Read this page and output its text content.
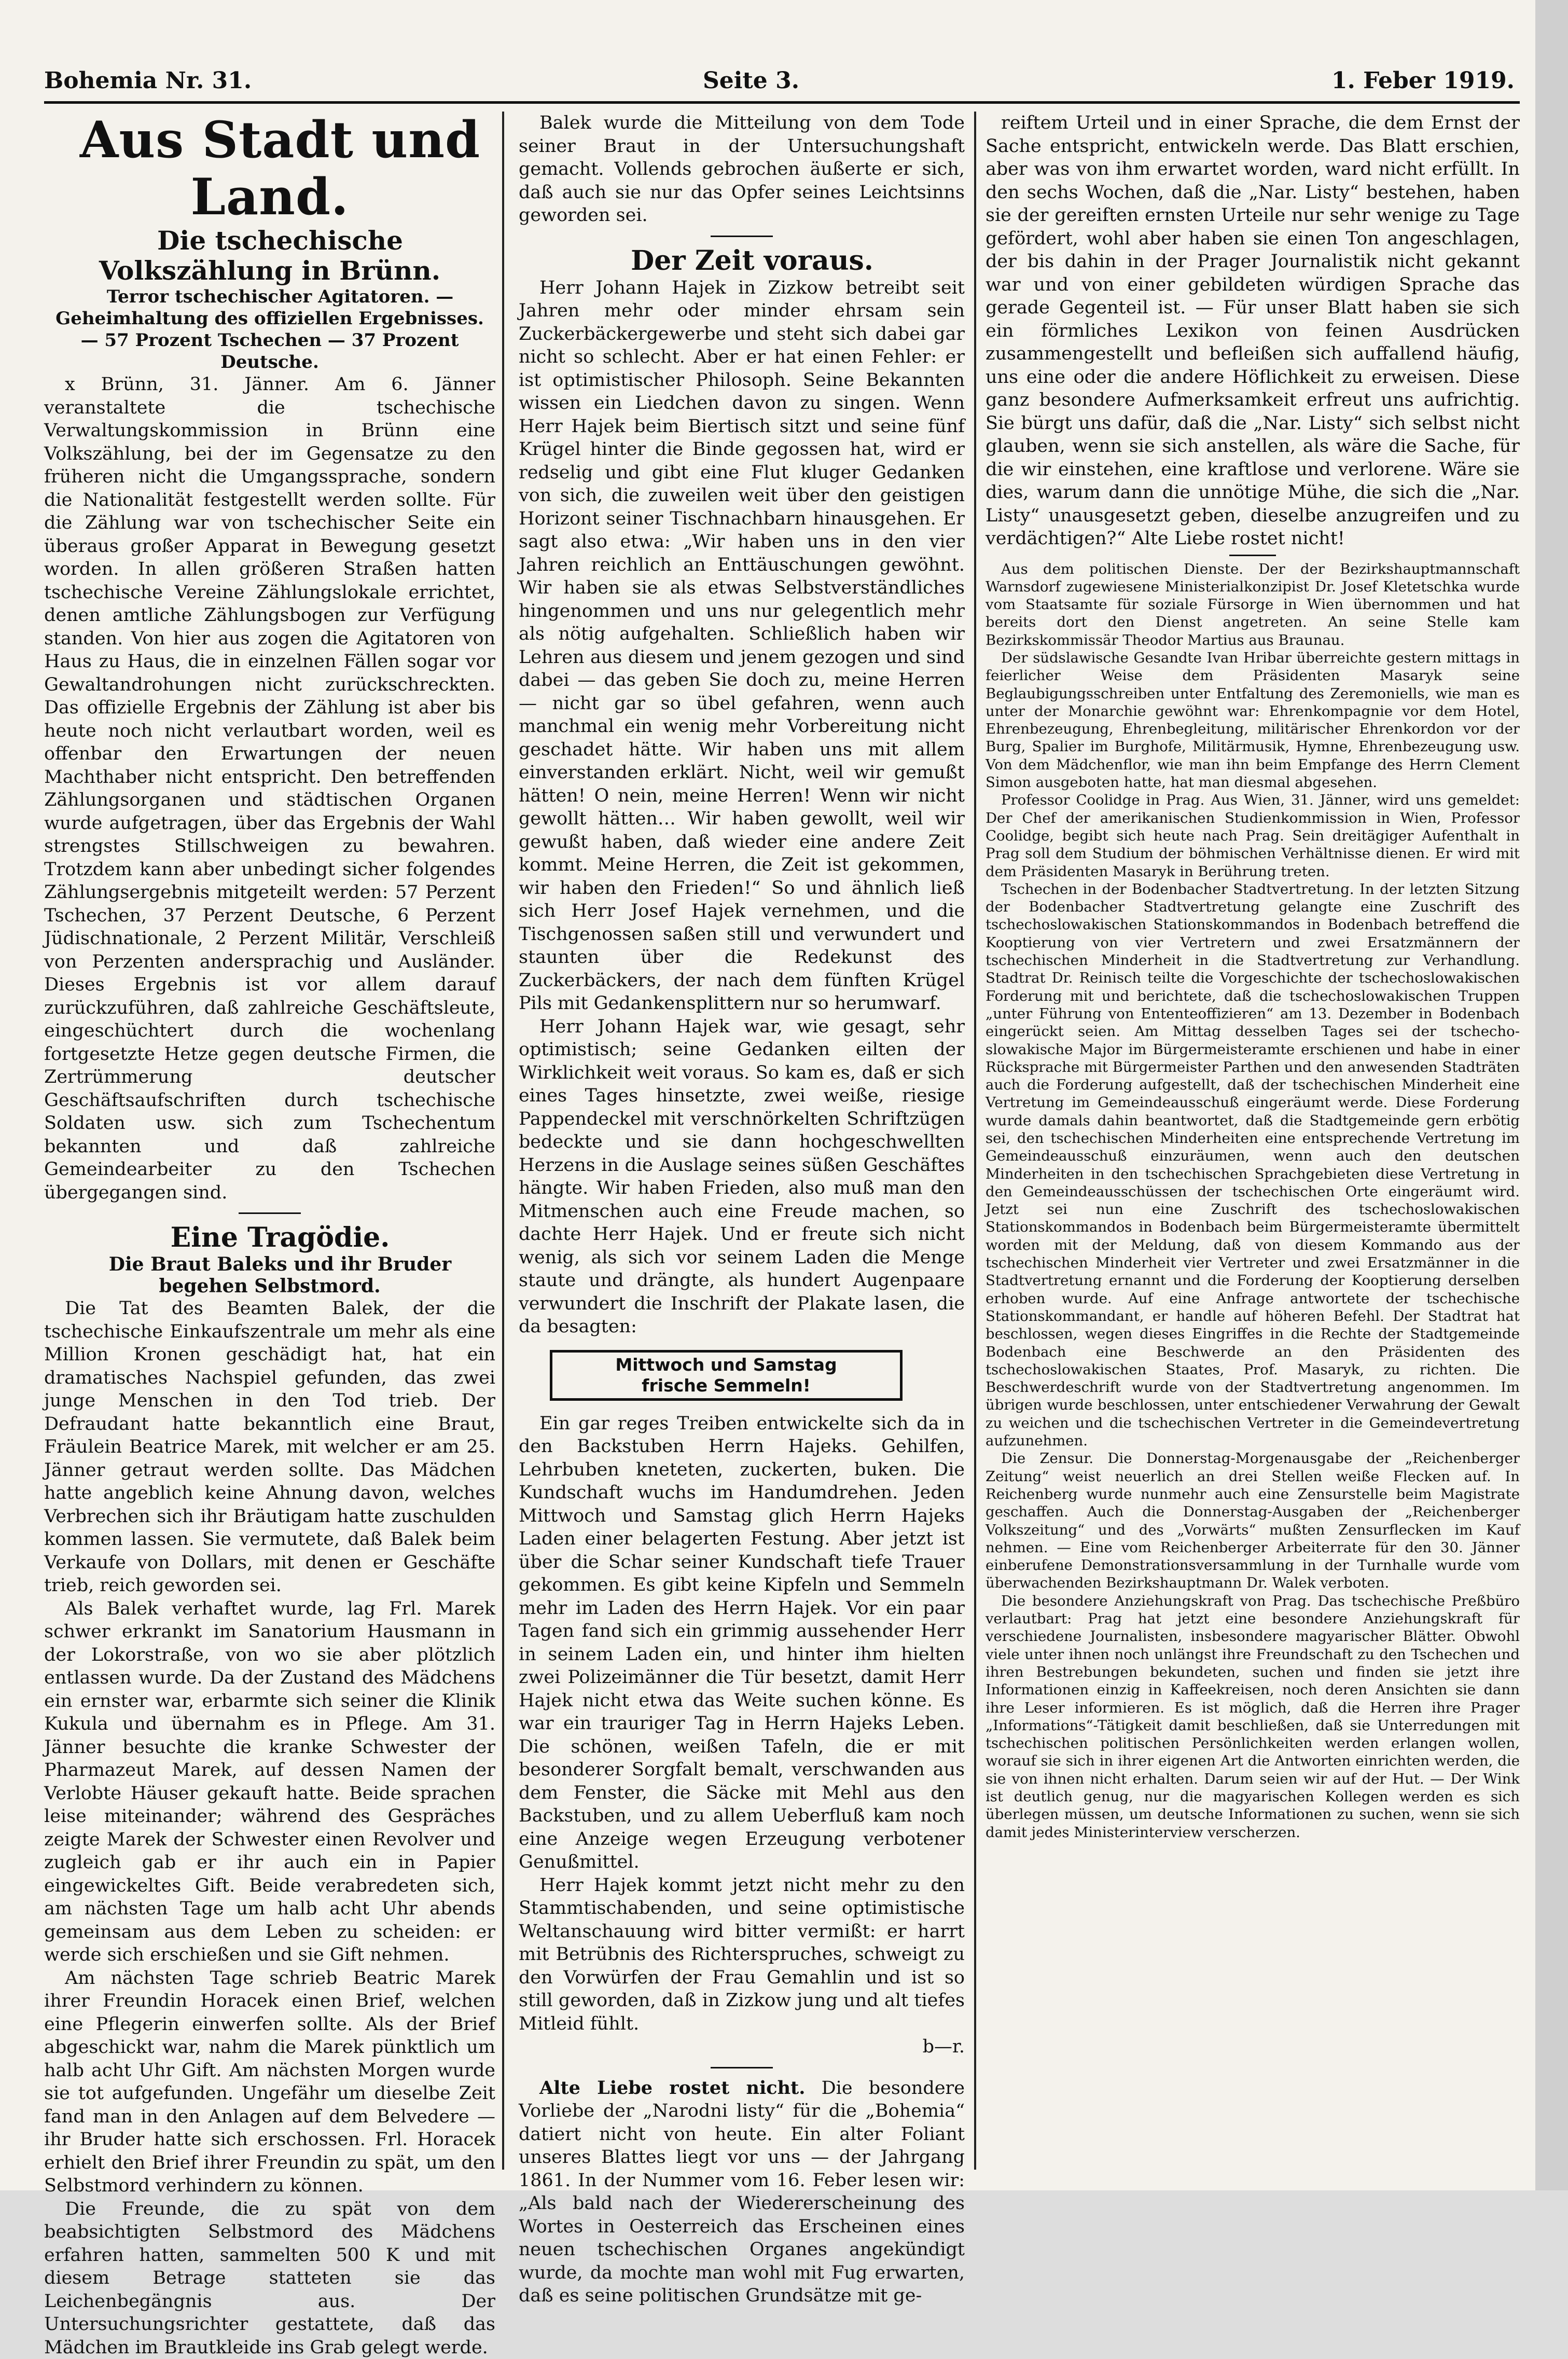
Bohemia Nr. 31.	Seite 3.	1. Feber 1919.

Aus Stadt und Land.

Die tschechische Volkszählung in Brünn.

Terror tschechischer Agitatoren. — Geheimhaltung des offiziellen Ergebnisses. — 57 Prozent Tschechen — 37 Prozent Deutsche.

x Brünn, 31. Jänner. Am 6. Jänner veranstaltete die tschechische Verwaltungskommission in Brünn eine Volkszählung, bei der im Gegensatze zu den früheren nicht die Umgangssprache, sondern die Nationalität festgestellt werden sollte. Für die Zählung war von tschechischer Seite ein überaus großer Apparat in Bewegung gesetzt worden. In allen größeren Straßen hatten tschechische Vereine Zählungslokale errichtet, denen amtliche Zählungsbogen zur Verfügung standen. Von hier aus zogen die Agitatoren von Haus zu Haus, die in einzelnen Fällen sogar vor Gewaltandrohungen nicht zurückschreckten. Das offizielle Ergebnis der Zählung ist aber bis heute noch nicht verlautbart worden, weil es offenbar den Erwartungen der neuen Machthaber nicht entspricht. Den betreffenden Zählungsorganen und städtischen Organen wurde aufgetragen, über das Ergebnis der Wahl strengstes Stillschweigen zu bewahren. Trotzdem kann aber unbedingt sicher folgendes Zählungsergebnis mitgeteilt werden: 57 Perzent Tschechen, 37 Perzent Deutsche, 6 Perzent Jüdischnationale, 2 Perzent Militär, Verschleiß von Perzenten andersprachig und Ausländer. Dieses Ergebnis ist vor allem darauf zurückzuführen, daß zahlreiche Geschäftsleute, eingeschüchtert durch die wochenlang fortgesetzte Hetze gegen deutsche Firmen, die Zertrümmerung deutscher Geschäftsaufschriften durch tschechische Soldaten usw. sich zum Tschechentum bekannten und daß zahlreiche Gemeindearbeiter zu den Tschechen übergegangen sind.

Eine Tragödie.

Die Braut Baleks und ihr Bruder begehen Selbstmord.

Die Tat des Beamten Balek, der die tschechische Einkaufszentrale um mehr als eine Million Kronen geschädigt hat, hat ein dramatisches Nachspiel gefunden, das zwei junge Menschen in den Tod trieb. Der Defraudant hatte bekanntlich eine Braut, Fräulein Beatrice Marek, mit welcher er am 25. Jänner getraut werden sollte. Das Mädchen hatte angeblich keine Ahnung davon, welches Verbrechen sich ihr Bräutigam hatte zuschulden kommen lassen. Sie vermutete, daß Balek beim Verkaufe von Dollars, mit denen er Geschäfte trieb, reich geworden sei.

Als Balek verhaftet wurde, lag Frl. Marek schwer erkrankt im Sanatorium Hausmann in der Lokorstraße, von wo sie aber plötzlich entlassen wurde. Da der Zustand des Mädchens ein ernster war, erbarmte sich seiner die Klinik Kukula und übernahm es in Pflege. Am 31. Jänner besuchte die kranke Schwester der Pharmazeut Marek, auf dessen Namen der Verlobte Häuser gekauft hatte. Beide sprachen leise miteinander; während des Gespräches zeigte Marek der Schwester einen Revolver und zugleich gab er ihr auch ein in Papier eingewickeltes Gift. Beide verabredeten sich, am nächsten Tage um halb acht Uhr abends gemeinsam aus dem Leben zu scheiden: er werde sich erschießen und sie Gift nehmen.

Am nächsten Tage schrieb Beatric Marek ihrer Freundin Horacek einen Brief, welchen eine Pflegerin einwerfen sollte. Als der Brief abgeschickt war, nahm die Marek pünktlich um halb acht Uhr Gift. Am nächsten Morgen wurde sie tot aufgefunden. Ungefähr um dieselbe Zeit fand man in den Anlagen auf dem Belvedere — ihr Bruder hatte sich erschossen. Frl. Horacek erhielt den Brief ihrer Freundin zu spät, um den Selbstmord verhindern zu können.

Die Freunde, die zu spät von dem beabsichtigten Selbstmord des Mädchens erfahren hatten, sammelten 500 K und mit diesem Betrage statteten sie das Leichenbegängnis aus. Der Untersuchungsrichter gestattete, daß das Mädchen im Brautkleide ins Grab gelegt werde.

Balek wurde die Mitteilung von dem Tode seiner Braut in der Untersuchungshaft gemacht. Vollends gebrochen äußerte er sich, daß auch sie nur das Opfer seines Leichtsinns geworden sei.

Der Zeit voraus.

Herr Johann Hajek in Zizkow betreibt seit Jahren mehr oder minder ehrsam sein Zuckerbäckergewerbe und steht sich dabei gar nicht so schlecht. Aber er hat einen Fehler: er ist optimistischer Philosoph. Seine Bekannten wissen ein Liedchen davon zu singen. Wenn Herr Hajek beim Biertisch sitzt und seine fünf Krügel hinter die Binde gegossen hat, wird er redselig und gibt eine Flut kluger Gedanken von sich, die zuweilen weit über den geistigen Horizont seiner Tischnachbarn hinausgehen. Er sagt also etwa: „Wir haben uns in den vier Jahren reichlich an Enttäuschungen gewöhnt. Wir haben sie als etwas Selbstverständliches hingenommen und uns nur gelegentlich mehr als nötig aufgehalten. Schließlich haben wir Lehren aus diesem und jenem gezogen und sind dabei — das geben Sie doch zu, meine Herren — nicht gar so übel gefahren, wenn auch manchmal ein wenig mehr Vorbereitung nicht geschadet hätte. Wir haben uns mit allem einverstanden erklärt. Nicht, weil wir gemußt hätten! O nein, meine Herren! Wenn wir nicht gewollt hätten… Wir haben gewollt, weil wir gewußt haben, daß wieder eine andere Zeit kommt. Meine Herren, die Zeit ist gekommen, wir haben den Frieden!“ So und ähnlich ließ sich Herr Josef Hajek vernehmen, und die Tischgenossen saßen still und verwundert und staunten über die Redekunst des Zuckerbäckers, der nach dem fünften Krügel Pils mit Gedankensplittern nur so herumwarf.

Herr Johann Hajek war, wie gesagt, sehr optimistisch; seine Gedanken eilten der Wirklichkeit weit voraus. So kam es, daß er sich eines Tages hinsetzte, zwei weiße, riesige Pappendeckel mit verschnörkelten Schriftzügen bedeckte und sie dann hochgeschwellten Herzens in die Auslage seines süßen Geschäftes hängte. Wir haben Frieden, also muß man den Mitmenschen auch eine Freude machen, so dachte Herr Hajek. Und er freute sich nicht wenig, als sich vor seinem Laden die Menge staute und drängte, als hundert Augenpaare verwundert die Inschrift der Plakate lasen, die da besagten:

Mittwoch und Samstag
frische Semmeln!

Ein gar reges Treiben entwickelte sich da in den Backstuben Herrn Hajeks. Gehilfen, Lehrbuben kneteten, zuckerten, buken. Die Kundschaft wuchs im Handumdrehen. Jeden Mittwoch und Samstag glich Herrn Hajeks Laden einer belagerten Festung. Aber jetzt ist über die Schar seiner Kundschaft tiefe Trauer gekommen. Es gibt keine Kipfeln und Semmeln mehr im Laden des Herrn Hajek. Vor ein paar Tagen fand sich ein grimmig aussehender Herr in seinem Laden ein, und hinter ihm hielten zwei Polizeimänner die Tür besetzt, damit Herr Hajek nicht etwa das Weite suchen könne. Es war ein trauriger Tag in Herrn Hajeks Leben. Die schönen, weißen Tafeln, die er mit besonderer Sorgfalt bemalt, verschwanden aus dem Fenster, die Säcke mit Mehl aus den Backstuben, und zu allem Ueberfluß kam noch eine Anzeige wegen Erzeugung verbotener Genußmittel.

Herr Hajek kommt jetzt nicht mehr zu den Stammtischabenden, und seine optimistische Weltanschauung wird bitter vermißt: er harrt mit Betrübnis des Richterspruches, schweigt zu den Vorwürfen der Frau Gemahlin und ist so still geworden, daß in Zizkow jung und alt tiefes Mitleid fühlt.

b—r.

Alte Liebe rostet nicht. Die besondere Vorliebe der „Narodni listy“ für die „Bohemia“ datiert nicht von heute. Ein alter Foliant unseres Blattes liegt vor uns — der Jahrgang 1861. In der Nummer vom 16. Feber lesen wir: „Als bald nach der Wiedererscheinung des Wortes in Oesterreich das Erscheinen eines neuen tschechischen Organes angekündigt wurde, da mochte man wohl mit Fug erwarten, daß es seine politischen Grundsätze mit ge-

reiftem Urteil und in einer Sprache, die dem Ernst der Sache entspricht, entwickeln werde. Das Blatt erschien, aber was von ihm erwartet worden, ward nicht erfüllt. In den sechs Wochen, daß die „Nar. Listy“ bestehen, haben sie der gereiften ernsten Urteile nur sehr wenige zu Tage gefördert, wohl aber haben sie einen Ton angeschlagen, der bis dahin in der Prager Journalistik nicht gekannt war und von einer gebildeten würdigen Sprache das gerade Gegenteil ist. — Für unser Blatt haben sie sich ein förmliches Lexikon von feinen Ausdrücken zusammengestellt und befleißen sich auffallend häufig, uns eine oder die andere Höflichkeit zu erweisen. Diese ganz besondere Aufmerksamkeit erfreut uns aufrichtig. Sie bürgt uns dafür, daß die „Nar. Listy“ sich selbst nicht glauben, wenn sie sich anstellen, als wäre die Sache, für die wir einstehen, eine kraftlose und verlorene. Wäre sie dies, warum dann die unnötige Mühe, die sich die „Nar. Listy“ unausgesetzt geben, dieselbe anzugreifen und zu verdächtigen?“ Alte Liebe rostet nicht!

Aus dem politischen Dienste. Der der Bezirkshauptmannschaft Warnsdorf zugewiesene Ministerialkonzipist Dr. Josef Kletetschka wurde vom Staatsamte für soziale Fürsorge in Wien übernommen und hat bereits dort den Dienst angetreten. An seine Stelle kam Bezirkskommissär Theodor Martius aus Braunau.

Der südslawische Gesandte Ivan Hribar überreichte gestern mittags in feierlicher Weise dem Präsidenten Masaryk seine Beglaubigungsschreiben unter Entfaltung des Zeremoniells, wie man es unter der Monarchie gewöhnt war: Ehrenkompagnie vor dem Hotel, Ehrenbezeugung, Ehrenbegleitung, militärischer Ehrenkordon vor der Burg, Spalier im Burghofe, Militärmusik, Hymne, Ehrenbezeugung usw. Von dem Mädchenflor, wie man ihn beim Empfange des Herrn Clement Simon ausgeboten hatte, hat man diesmal abgesehen.

Professor Coolidge in Prag. Aus Wien, 31. Jänner, wird uns gemeldet: Der Chef der amerikanischen Studienkommission in Wien, Professor Coolidge, begibt sich heute nach Prag. Sein dreitägiger Aufenthalt in Prag soll dem Studium der böhmischen Verhältnisse dienen. Er wird mit dem Präsidenten Masaryk in Berührung treten.

Tschechen in der Bodenbacher Stadtvertretung. In der letzten Sitzung der Bodenbacher Stadtvertretung gelangte eine Zuschrift des tschechoslowakischen Stationskommandos in Bodenbach betreffend die Kooptierung von vier Vertretern und zwei Ersatzmännern der tschechischen Minderheit in die Stadtvertretung zur Verhandlung. Stadtrat Dr. Reinisch teilte die Vorgeschichte der tschechoslowakischen Forderung mit und berichtete, daß die tschechoslowakischen Truppen „unter Führung von Ententeoffizieren“ am 13. Dezember in Bodenbach eingerückt seien. Am Mittag desselben Tages sei der tschecho-slowakische Major im Bürgermeisteramte erschienen und habe in einer Rücksprache mit Bürgermeister Parthen und den anwesenden Stadträten auch die Forderung aufgestellt, daß der tschechischen Minderheit eine Vertretung im Gemeindeausschuß eingeräumt werde. Diese Forderung wurde damals dahin beantwortet, daß die Stadtgemeinde gern erbötig sei, den tschechischen Minderheiten eine entsprechende Vertretung im Gemeindeausschuß einzuräumen, wenn auch den deutschen Minderheiten in den tschechischen Sprachgebieten diese Vertretung in den Gemeindeausschüssen der tschechischen Orte eingeräumt wird. Jetzt sei nun eine Zuschrift des tschechoslowakischen Stationskommandos in Bodenbach beim Bürgermeisteramte übermittelt worden mit der Meldung, daß von diesem Kommando aus der tschechischen Minderheit vier Vertreter und zwei Ersatzmänner in die Stadtvertretung ernannt und die Forderung der Kooptierung derselben erhoben wurde. Auf eine Anfrage antwortete der tschechische Stationskommandant, er handle auf höheren Befehl. Der Stadtrat hat beschlossen, wegen dieses Eingriffes in die Rechte der Stadtgemeinde Bodenbach eine Beschwerde an den Präsidenten des tschechoslowakischen Staates, Prof. Masaryk, zu richten. Die Beschwerdeschrift wurde von der Stadtvertretung angenommen. Im übrigen wurde beschlossen, unter entschiedener Verwahrung der Gewalt zu weichen und die tschechischen Vertreter in die Gemeindevertretung aufzunehmen.

Die Zensur. Die Donnerstag-Morgenausgabe der „Reichenberger Zeitung“ weist neuerlich an drei Stellen weiße Flecken auf. In Reichenberg wurde nunmehr auch eine Zensurstelle beim Magistrate geschaffen. Auch die Donnerstag-Ausgaben der „Reichenberger Volkszeitung“ und des „Vorwärts“ mußten Zensurflecken im Kauf nehmen. — Eine vom Reichenberger Arbeiterrate für den 30. Jänner einberufene Demonstrationsversammlung in der Turnhalle wurde vom überwachenden Bezirkshauptmann Dr. Walek verboten.

Die besondere Anziehungskraft von Prag. Das tschechische Preßbüro verlautbart: Prag hat jetzt eine besondere Anziehungskraft für verschiedene Journalisten, insbesondere magyarischer Blätter. Obwohl viele unter ihnen noch unlängst ihre Freundschaft zu den Tschechen und ihren Bestrebungen bekundeten, suchen und finden sie jetzt ihre Informationen einzig in Kaffeekreisen, noch deren Ansichten sie dann ihre Leser informieren. Es ist möglich, daß die Herren ihre Prager „Informations“-Tätigkeit damit beschließen, daß sie Unterredungen mit tschechischen politischen Persönlichkeiten werden erlangen wollen, worauf sie sich in ihrer eigenen Art die Antworten einrichten werden, die sie von ihnen nicht erhalten. Darum seien wir auf der Hut. — Der Wink ist deutlich genug, nur die magyarischen Kollegen werden es sich überlegen müssen, um deutsche Informationen zu suchen, wenn sie sich damit jedes Ministerinterview verscherzen.
